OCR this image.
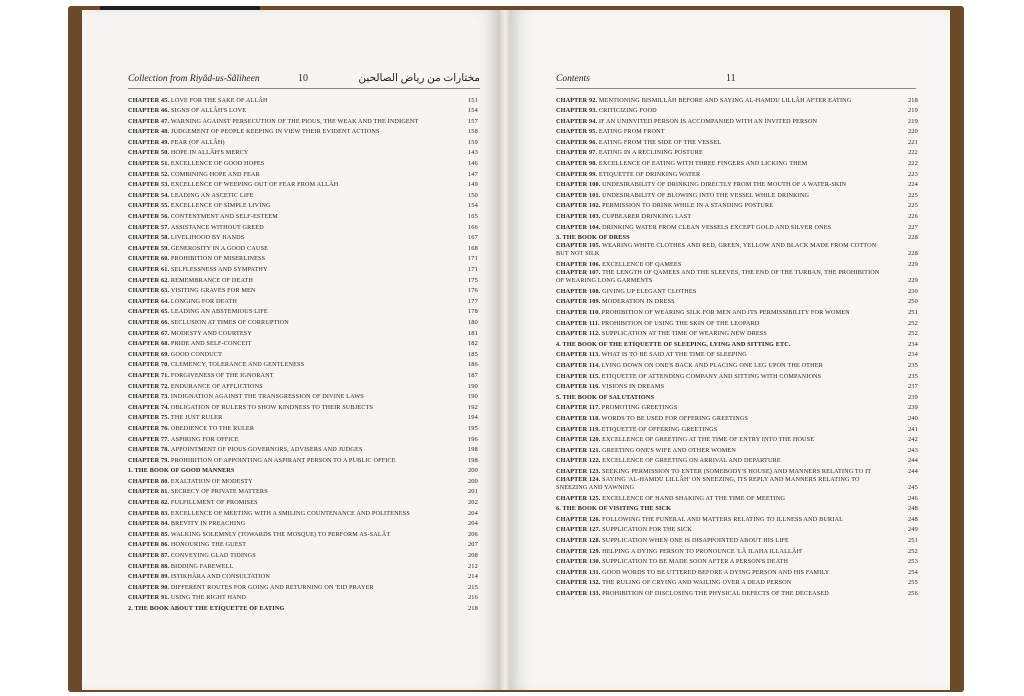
Collection from Riyâd-us-Sâliheen	10	مختارات من رياض الصالحين
CHAPTER 45. LOVE FOR THE SAKE OF ALLÂH	151
CHAPTER 46. SIGNS OF ALLÂH'S LOVE	154
CHAPTER 47. WARNING AGAINST PERSECUTION OF THE PIOUS, THE WEAK AND THE INDIGENT	157
CHAPTER 48. JUDGEMENT OF PEOPLE KEEPING IN VIEW THEIR EVIDENT ACTIONS	158
CHAPTER 49. FEAR (OF ALLÂH)	159
CHAPTER 50. HOPE IN ALLÂH'S MERCY	143
CHAPTER 51. EXCELLENCE OF GOOD HOPES	146
CHAPTER 52. COMBINING HOPE AND FEAR	147
CHAPTER 53. EXCELLENCE OF WEEPING OUT OF FEAR FROM ALLÂH	149
CHAPTER 54. LEADING AN ASCETIC LIFE	150
CHAPTER 55. EXCELLENCE OF SIMPLE LIVING	154
CHAPTER 56. CONTENTMENT AND SELF-ESTEEM	165
CHAPTER 57. ASSISTANCE WITHOUT GREED	166
CHAPTER 58. LIVELIHOOD BY HANDS	167
CHAPTER 59. GENEROSITY IN A GOOD CAUSE	168
CHAPTER 60. PROHIBITION OF MISERLINESS	171
CHAPTER 61. SELFLESSNESS AND SYMPATHY	171
CHAPTER 62. REMEMBRANCE OF DEATH	175
CHAPTER 63. VISITING GRAVES FOR MEN	176
CHAPTER 64. LONGING FOR DEATH	177
CHAPTER 65. LEADING AN ABSTEMIOUS LIFE	178
CHAPTER 66. SECLUSION AT TIMES OF CORRUPTION	180
CHAPTER 67. MODESTY AND COURTESY	181
CHAPTER 68. PRIDE AND SELF-CONCEIT	182
CHAPTER 69. GOOD CONDUCT	185
CHAPTER 70. CLEMENCY, TOLERANCE AND GENTLENESS	186
CHAPTER 71. FORGIVENESS OF THE IGNORANT	187
CHAPTER 72. ENDURANCE OF AFFLICTIONS	190
CHAPTER 73. INDIGNATION AGAINST THE TRANSGRESSION OF DIVINE LAWS	190
CHAPTER 74. OBLIGATION OF RULERS TO SHOW KINDNESS TO THEIR SUBJECTS	192
CHAPTER 75. THE JUST RULER	194
CHAPTER 76. OBEDIENCE TO THE RULER	195
CHAPTER 77. ASPIRING FOR OFFICE	196
CHAPTER 78. APPOINTMENT OF PIOUS GOVERNORS, ADVISERS AND JUDGES	198
CHAPTER 79. PROHIBITION OF APPOINTING AN ASPIRANT PERSON TO A PUBLIC OFFICE	198
1. THE BOOK OF GOOD MANNERS	200
CHAPTER 80. EXALTATION OF MODESTY	200
CHAPTER 81. SECRECY OF PRIVATE MATTERS	201
CHAPTER 82. FULFILLMENT OF PROMISES	202
CHAPTER 83. EXCELLENCE OF MEETING WITH A SMILING COUNTENANCE AND POLITENESS	204
CHAPTER 84. BREVITY IN PREACHING	204
CHAPTER 85. WALKING SOLEMNLY (TOWARDS THE MOSQUE) TO PERFORM AS-SALÂT	206
CHAPTER 86. HONOURING THE GUEST	207
CHAPTER 87. CONVEYING GLAD TIDINGS	208
CHAPTER 88. BIDDING FAREWELL	212
CHAPTER 89. ISTIKHÂRA AND CONSULTATION	214
CHAPTER 90. DIFFERENT ROUTES FOR GOING AND RETURNING ON 'EID PRAYER	215
CHAPTER 91. USING THE RIGHT HAND	216
2. THE BOOK ABOUT THE ETIQUETTE OF EATING	218
Contents	11
CHAPTER 92. MENTIONING BISMILLÂH BEFORE AND SAYING AL-HAMDU LILLÂH AFTER EATING	218
CHAPTER 93. CRITICIZING FOOD	219
CHAPTER 94. IF AN UNINVITED PERSON IS ACCOMPANIED WITH AN INVITED PERSON	219
CHAPTER 95. EATING FROM FRONT	220
CHAPTER 96. EATING FROM THE SIDE OF THE VESSEL	221
CHAPTER 97. EATING IN A RECLINING POSTURE	222
CHAPTER 98. EXCELLENCE OF EATING WITH THREE FINGERS AND LICKING THEM	222
CHAPTER 99. ETIQUETTE OF DRINKING WATER	223
CHAPTER 100. UNDESIRABILITY OF DRINKING DIRECTLY FROM THE MOUTH OF A WATER-SKIN	224
CHAPTER 101. UNDESIRABILITY OF BLOWING INTO THE VESSEL WHILE DRINKING	225
CHAPTER 102. PERMISSION TO DRINK WHILE IN A STANDING POSTURE	225
CHAPTER 103. CUPBEARER DRINKING LAST	226
CHAPTER 104. DRINKING WATER FROM CLEAN VESSELS EXCEPT GOLD AND SILVER ONES	227
3. THE BOOK OF DRESS	228
CHAPTER 105. WEARING WHITE CLOTHES AND RED, GREEN, YELLOW AND BLACK MADE FROM COTTON BUT NOT SILK	228
CHAPTER 106. EXCELLENCE OF QAMEES	229
CHAPTER 107. THE LENGTH OF QAMEES AND THE SLEEVES, THE END OF THE TURBAN, THE PROHIBITION OF WEARING LONG GARMENTS	229
CHAPTER 108. GIVING UP ELEGANT CLOTHES	230
CHAPTER 109. MODERATION IN DRESS	250
CHAPTER 110. PROHIBITION OF WEARING SILK FOR MEN AND ITS PERMISSIBILITY FOR WOMEN	251
CHAPTER 111. PROHIBITION OF USING THE SKIN OF THE LEOPARD	252
CHAPTER 112. SUPPLICATION AT THE TIME OF WEARING NEW DRESS	252
4. THE BOOK OF THE ETIQUETTE OF SLEEPING, LYING AND SITTING ETC.	234
CHAPTER 113. WHAT IS TO BE SAID AT THE TIME OF SLEEPING	234
CHAPTER 114. LYING DOWN ON ONE'S BACK AND PLACING ONE LEG UPON THE OTHER	235
CHAPTER 115. ETIQUETTE OF ATTENDING COMPANY AND SITTING WITH COMPANIONS	235
CHAPTER 116. VISIONS IN DREAMS	237
5. THE BOOK OF SALUTATIONS	239
CHAPTER 117. PROMOTING GREETINGS	239
CHAPTER 118. WORDS TO BE USED FOR OFFERING GREETINGS	240
CHAPTER 119. ETIQUETTE OF OFFERING GREETINGS	241
CHAPTER 120. EXCELLENCE OF GREETING AT THE TIME OF ENTRY INTO THE HOUSE	242
CHAPTER 121. GREETING ONE'S WIFE AND OTHER WOMEN	243
CHAPTER 122. EXCELLENCE OF GREETING ON ARRIVAL AND DEPARTURE	244
CHAPTER 123. SEEKING PERMISSION TO ENTER (SOMEBODY'S HOUSE) AND MANNERS RELATING TO IT	244
CHAPTER 124. SAYING 'AL-HAMDU LILLÂH' ON SNEEZING, ITS REPLY AND MANNERS RELATING TO SNEEZING AND YAWNING	245
CHAPTER 125. EXCELLENCE OF HAND SHAKING AT THE TIME OF MEETING	246
6. THE BOOK OF VISITING THE SICK	248
CHAPTER 126. FOLLOWING THE FUNERAL AND MATTERS RELATING TO ILLNESS AND BURIAL	248
CHAPTER 127. SUPPLICATION FOR THE SICK	249
CHAPTER 128. SUPPLICATION WHEN ONE IS DISAPPOINTED ABOUT HIS LIFE	251
CHAPTER 129. HELPING A DYING PERSON TO PRONOUNCE 'LÂ ILAHA ILLALLÂH'	252
CHAPTER 130. SUPPLICATION TO BE MADE SOON AFTER A PERSON'S DEATH	253
CHAPTER 131. GOOD WORDS TO BE UTTERED BEFORE A DYING PERSON AND HIS FAMILY	254
CHAPTER 132. THE RULING OF CRYING AND WAILING OVER A DEAD PERSON	255
CHAPTER 133. PROHIBITION OF DISCLOSING THE PHYSICAL DEFECTS OF THE DECEASED	256
